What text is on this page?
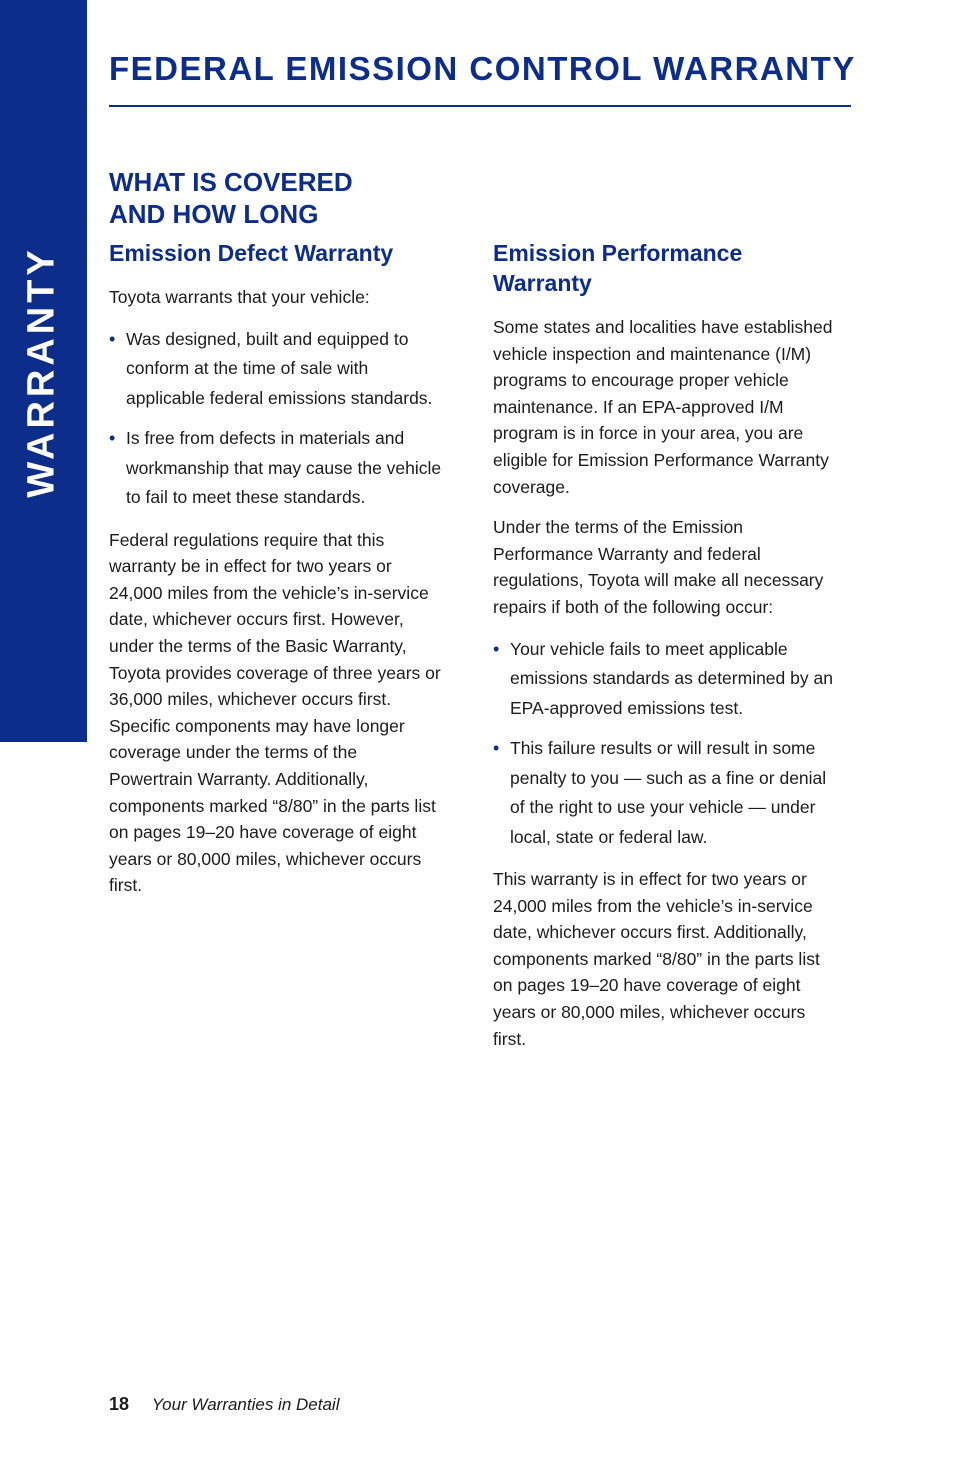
WARRANTY
FEDERAL EMISSION CONTROL WARRANTY
WHAT IS COVERED
AND HOW LONG
Emission Defect Warranty

Toyota warrants that your vehicle:

• Was designed, built and equipped to conform at the time of sale with applicable federal emissions standards.
• Is free from defects in materials and workmanship that may cause the vehicle to fail to meet these standards.

Federal regulations require that this warranty be in effect for two years or 24,000 miles from the vehicle’s in-service date, whichever occurs first. However, under the terms of the Basic Warranty, Toyota provides coverage of three years or 36,000 miles, whichever occurs first. Specific components may have longer coverage under the terms of the Powertrain Warranty. Additionally, components marked “8/80” in the parts list on pages 19–20 have coverage of eight years or 80,000 miles, whichever occurs first.

Emission Performance Warranty

Some states and localities have established vehicle inspection and maintenance (I/M) programs to encourage proper vehicle maintenance. If an EPA-approved I/M program is in force in your area, you are eligible for Emission Performance Warranty coverage.

Under the terms of the Emission Performance Warranty and federal regulations, Toyota will make all necessary repairs if both of the following occur:

• Your vehicle fails to meet applicable emissions standards as determined by an EPA-approved emissions test.
• This failure results or will result in some penalty to you — such as a fine or denial of the right to use your vehicle — under local, state or federal law.

This warranty is in effect for two years or 24,000 miles from the vehicle’s in-service date, whichever occurs first. Additionally, components marked “8/80” in the parts list on pages 19–20 have coverage of eight years or 80,000 miles, whichever occurs first.

18 Your Warranties in Detail
